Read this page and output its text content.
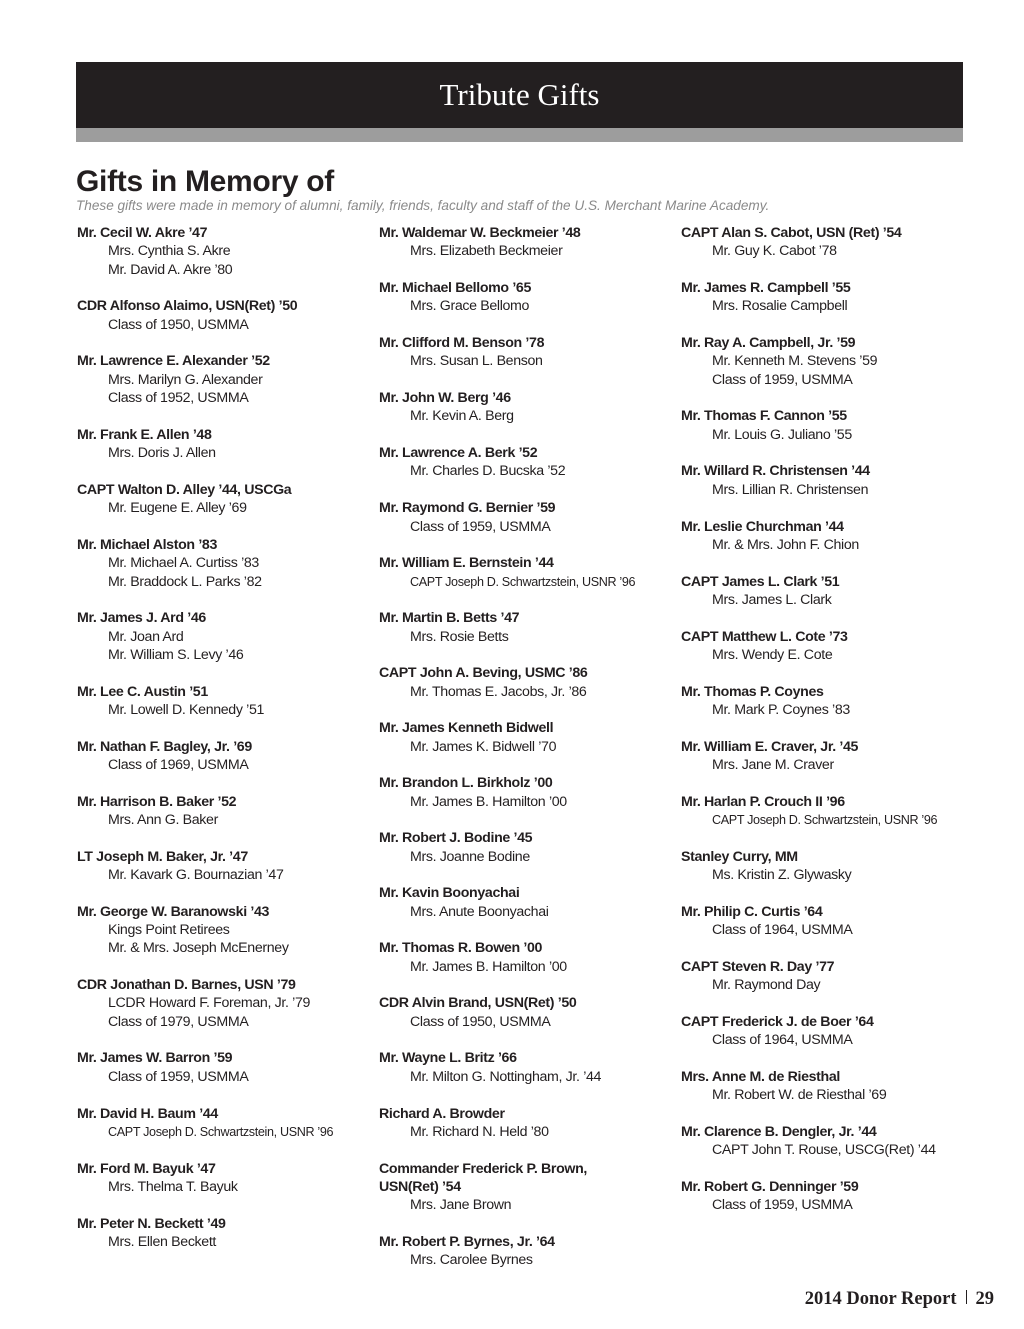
Tribute Gifts
Gifts in Memory of
These gifts were made in memory of alumni, family, friends, faculty and staff of the U.S. Merchant Marine Academy.
Mr. Cecil W. Akre ’47
Mrs. Cynthia S. Akre
Mr. David A. Akre ’80
CDR Alfonso Alaimo, USN(Ret) ’50
Class of 1950, USMMA
Mr. Lawrence E. Alexander ’52
Mrs. Marilyn G. Alexander
Class of 1952, USMMA
Mr. Frank E. Allen ’48
Mrs. Doris J. Allen
CAPT Walton D. Alley ’44, USCGa
Mr. Eugene E. Alley ’69
Mr. Michael Alston ’83
Mr. Michael A. Curtiss ’83
Mr. Braddock L. Parks ’82
Mr. James J. Ard ’46
Mr. Joan Ard
Mr. William S. Levy ’46
Mr. Lee C. Austin ’51
Mr. Lowell D. Kennedy ’51
Mr. Nathan F. Bagley, Jr. ’69
Class of 1969, USMMA
Mr. Harrison B. Baker ’52
Mrs. Ann G. Baker
LT Joseph M. Baker, Jr. ’47
Mr. Kavark G. Bournazian ’47
Mr. George W. Baranowski ’43
Kings Point Retirees
Mr. & Mrs. Joseph McEnerney
CDR Jonathan D. Barnes, USN ’79
LCDR Howard F. Foreman, Jr. ’79
Class of 1979, USMMA
Mr. James W. Barron ’59
Class of 1959, USMMA
Mr. David H. Baum ’44
CAPT Joseph D. Schwartzstein, USNR ’96
Mr. Ford M. Bayuk ’47
Mrs. Thelma T. Bayuk
Mr. Peter N. Beckett ’49
Mrs. Ellen Beckett
Mr. Waldemar W. Beckmeier ’48
Mrs. Elizabeth Beckmeier
Mr. Michael Bellomo ’65
Mrs. Grace Bellomo
Mr. Clifford M. Benson ’78
Mrs. Susan L. Benson
Mr. John W. Berg ’46
Mr. Kevin A. Berg
Mr. Lawrence A. Berk ’52
Mr. Charles D. Bucska ’52
Mr. Raymond G. Bernier ’59
Class of 1959, USMMA
Mr. William E. Bernstein ’44
CAPT Joseph D. Schwartzstein, USNR ’96
Mr. Martin B. Betts ’47
Mrs. Rosie Betts
CAPT John A. Beving, USMC ’86
Mr. Thomas E. Jacobs, Jr. ’86
Mr. James Kenneth Bidwell
Mr. James K. Bidwell ’70
Mr. Brandon L. Birkholz ’00
Mr. James B. Hamilton ’00
Mr. Robert J. Bodine ’45
Mrs. Joanne Bodine
Mr. Kavin Boonyachai
Mrs. Anute Boonyachai
Mr. Thomas R. Bowen ’00
Mr. James B. Hamilton ’00
CDR Alvin Brand, USN(Ret) ’50
Class of 1950, USMMA
Mr. Wayne L. Britz ’66
Mr. Milton G. Nottingham, Jr. ’44
Richard A. Browder
Mr. Richard N. Held ’80
Commander Frederick P. Brown,
USN(Ret) ’54
Mrs. Jane Brown
Mr. Robert P. Byrnes, Jr. ’64
Mrs. Carolee Byrnes
CAPT Alan S. Cabot, USN (Ret) ’54
Mr. Guy K. Cabot ’78
Mr. James R. Campbell ’55
Mrs. Rosalie Campbell
Mr. Ray A. Campbell, Jr. ’59
Mr. Kenneth M. Stevens ’59
Class of 1959, USMMA
Mr. Thomas F. Cannon ’55
Mr. Louis G. Juliano ’55
Mr. Willard R. Christensen ’44
Mrs. Lillian R. Christensen
Mr. Leslie Churchman ’44
Mr. & Mrs. John F. Chion
CAPT James L. Clark ’51
Mrs. James L. Clark
CAPT Matthew L. Cote ’73
Mrs. Wendy E. Cote
Mr. Thomas P. Coynes
Mr. Mark P. Coynes ’83
Mr. William E. Craver, Jr. ’45
Mrs. Jane M. Craver
Mr. Harlan P. Crouch II ’96
CAPT Joseph D. Schwartzstein, USNR ’96
Stanley Curry, MM
Ms. Kristin Z. Glywasky
Mr. Philip C. Curtis ’64
Class of 1964, USMMA
CAPT Steven R. Day ’77
Mr. Raymond Day
CAPT Frederick J. de Boer ’64
Class of 1964, USMMA
Mrs. Anne M. de Riesthal
Mr. Robert W. de Riesthal ’69
Mr. Clarence B. Dengler, Jr. ’44
CAPT John T. Rouse, USCG(Ret) ’44
Mr. Robert G. Denninger ’59
Class of 1959, USMMA
2014 Donor Report 29
